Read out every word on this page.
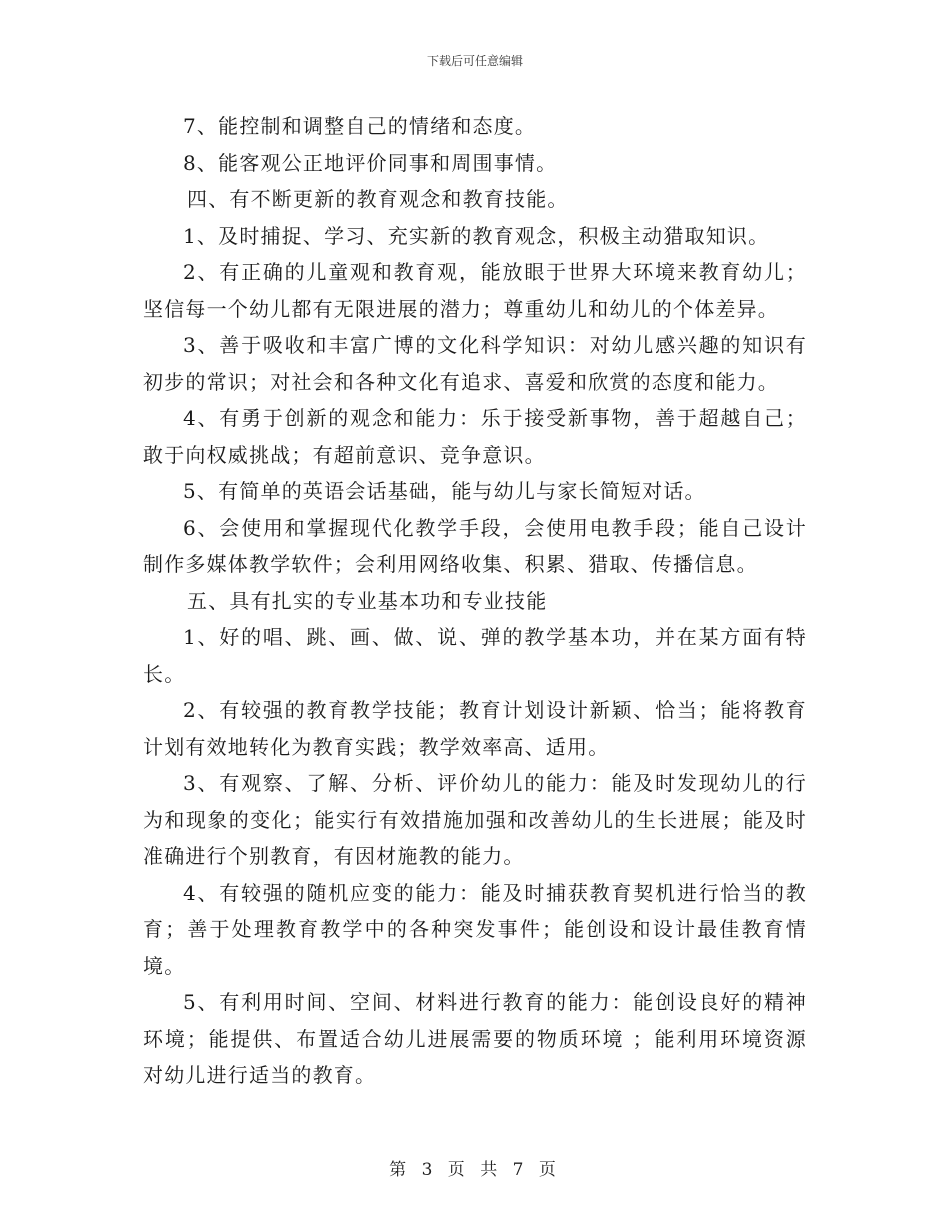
下载后可任意编辑

7、能控制和调整自己的情绪和态度。

8、能客观公正地评价同事和周围事情。

四、有不断更新的教育观念和教育技能。

1、及时捕捉、学习、充实新的教育观念，积极主动猎取知识。

2、有正确的儿童观和教育观，能放眼于世界大环境来教育幼儿；坚信每一个幼儿都有无限进展的潜力；尊重幼儿和幼儿的个体差异。

3、善于吸收和丰富广博的文化科学知识：对幼儿感兴趣的知识有初步的常识；对社会和各种文化有追求、喜爱和欣赏的态度和能力。

4、有勇于创新的观念和能力：乐于接受新事物，善于超越自己；敢于向权威挑战；有超前意识、竞争意识。

5、有简单的英语会话基础，能与幼儿与家长简短对话。

6、会使用和掌握现代化教学手段，会使用电教手段；能自己设计制作多媒体教学软件；会利用网络收集、积累、猎取、传播信息。

五、具有扎实的专业基本功和专业技能

1、好的唱、跳、画、做、说、弹的教学基本功，并在某方面有特长。

2、有较强的教育教学技能；教育计划设计新颖、恰当；能将教育计划有效地转化为教育实践；教学效率高、适用。

3、有观察、了解、分析、评价幼儿的能力：能及时发现幼儿的行为和现象的变化；能实行有效措施加强和改善幼儿的生长进展；能及时准确进行个别教育，有因材施教的能力。

4、有较强的随机应变的能力：能及时捕获教育契机进行恰当的教育；善于处理教育教学中的各种突发事件；能创设和设计最佳教育情境。

5、有利用时间、空间、材料进行教育的能力：能创设良好的精神环境；能提供、布置适合幼儿进展需要的物质环境 ；能利用环境资源对幼儿进行适当的教育。

第 3 页 共 7 页
